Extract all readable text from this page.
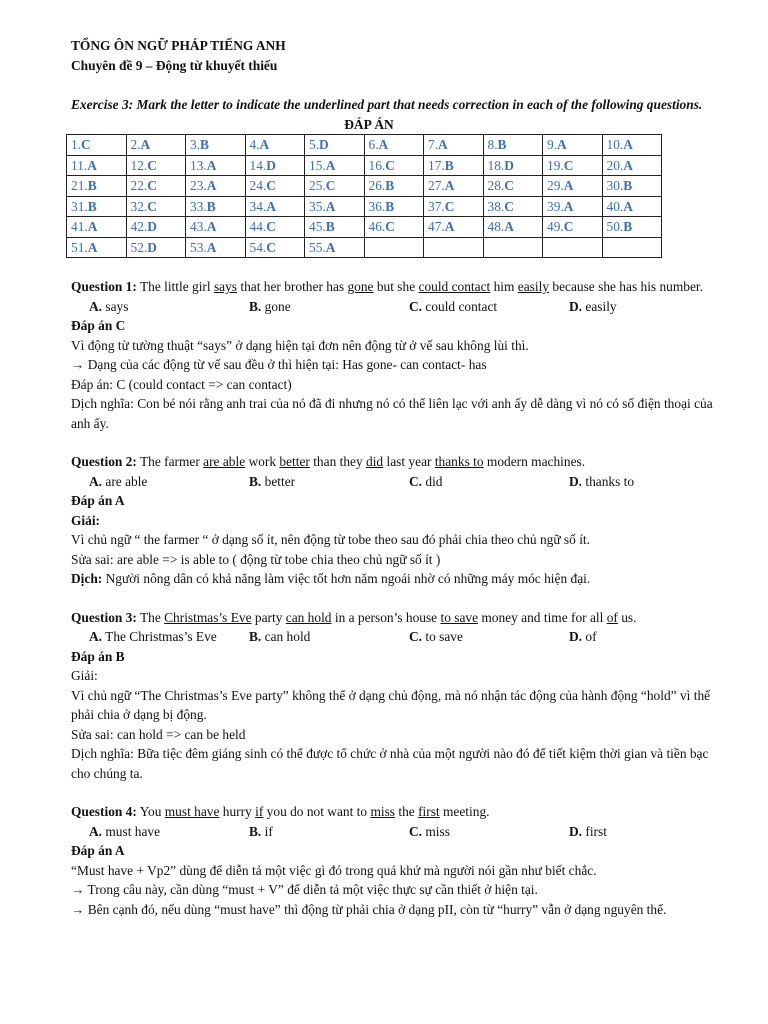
TỔNG ÔN NGỮ PHÁP TIẾNG ANH

Chuyên đề 9 – Động từ khuyết thiếu

Exercise 3: Mark the letter to indicate the underlined part that needs correction in each of the following questions.

ĐÁP ÁN

1.C	2.A	3.B	4.A	5.D	6.A	7.A	8.B	9.A	10.A
11.A	12.C	13.A	14.D	15.A	16.C	17.B	18.D	19.C	20.A
21.B	22.C	23.A	24.C	25.C	26.B	27.A	28.C	29.A	30.B
31.B	32.C	33.B	34.A	35.A	36.B	37.C	38.C	39.A	40.A
41.A	42.D	43.A	44.C	45.B	46.C	47.A	48.A	49.C	50.B
51.A	52.D	53.A	54.C	55.A					

Question 1: The little girl says that her brother has gone but she could contact him easily because she has his number.

A. says	B. gone	C. could contact	D. easily

Đáp án C

Vì động từ tường thuật “says” ở dạng hiện tại đơn nên động từ ở vế sau không lùi thì.

→ Dạng của các động từ vế sau đều ở thì hiện tại: Has gone- can contact- has

Đáp án: C (could contact => can contact)

Dịch nghĩa: Con bé nói rằng anh trai của nó đã đi nhưng nó có thể liên lạc với anh ấy dễ dàng vì nó có số điện thoại của anh ấy.

Question 2: The farmer are able work better than they did last year thanks to modern machines.

A. are able	B. better	C. did	D. thanks to

Đáp án A

Giải:

Vì chủ ngữ “ the farmer “ ở dạng số ít, nên động từ tobe theo sau đó phải chia theo chủ ngữ số ít.

Sửa sai: are able => is able to ( động từ tobe chia theo chủ ngữ số ít )

Dịch: Người nông dân có khả năng làm việc tốt hơn năm ngoái nhờ có những máy móc hiện đại.

Question 3: The Christmas’s Eve party can hold in a person’s house to save money and time for all of us.

A. The Christmas’s Eve B. can hold	C. to save	D. of

Đáp án B

Giải:

Vì chủ ngữ “The Christmas’s Eve party” không thể ở dạng chủ động, mà nó nhận tác động của hành động “hold” vì thế phải chia ở dạng bị động.

Sửa sai: can hold => can be held

Dịch nghĩa: Bữa tiệc đêm giáng sinh có thể được tổ chức ở nhà của một người nào đó để tiết kiệm thời gian và tiền bạc cho chúng ta.

Question 4: You must have hurry if you do not want to miss the first meeting.

A. must have	B. if	C. miss	D. first

Đáp án A

“Must have + Vp2” dùng để diễn tả một việc gì đó trong quá khứ mà người nói gần như biết chắc.

→ Trong câu này, cần dùng “must + V” để diễn tả một việc thực sự cần thiết ở hiện tại.

→ Bên cạnh đó, nếu dùng “must have” thì động từ phải chia ở dạng pII, còn từ “hurry” vẫn ở dạng nguyên thể.
